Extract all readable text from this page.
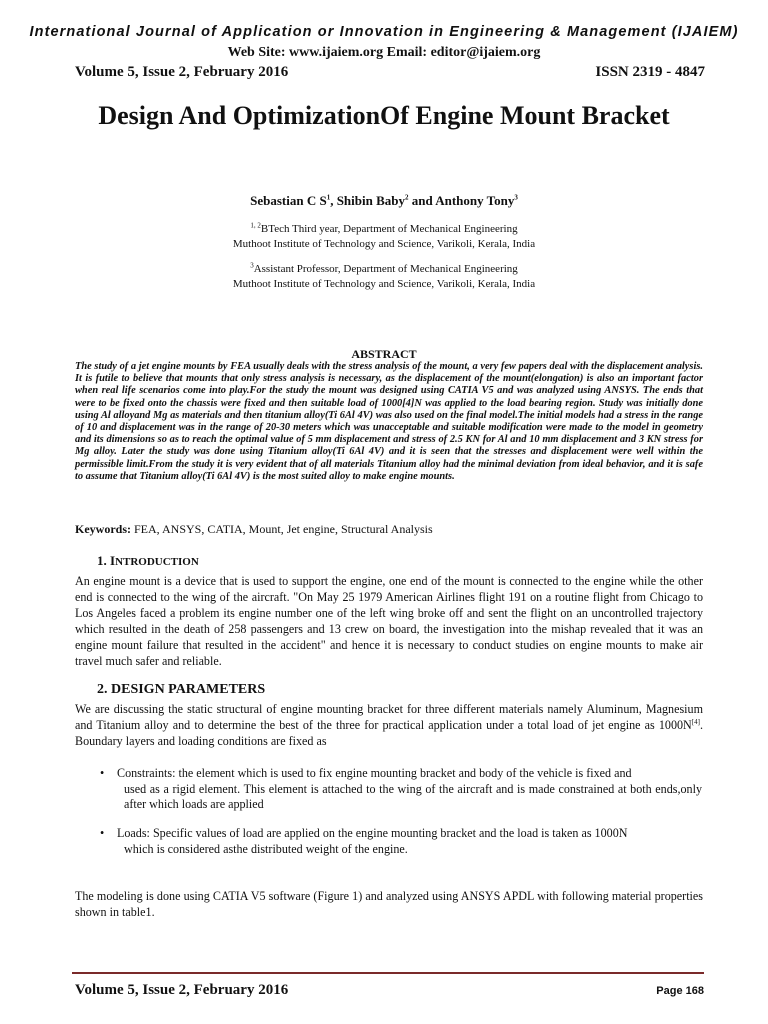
International Journal of Application or Innovation in Engineering & Management (IJAIEM)
Web Site: www.ijaiem.org Email: editor@ijaiem.org
Volume 5, Issue 2, February 2016	ISSN 2319 - 4847
Design And OptimizationOf Engine Mount Bracket
Sebastian C $S^1$, Shibin Baby$^2$ and Anthony Tony$^3$
$^{1, 2}$BTech Third year, Department of Mechanical Engineering
Muthoot Institute of Technology and Science, Varikoli, Kerala, India
$^3$Assistant Professor, Department of Mechanical Engineering
Muthoot Institute of Technology and Science, Varikoli, Kerala, India
ABSTRACT
The study of a jet engine mounts by FEA usually deals with the stress analysis of the mount, a very few papers deal with the displacement analysis. It is futile to believe that mounts that only stress analysis is necessary, as the displacement of the mount(elongation) is also an important factor when real life scenarios come into play.For the study the mount was designed using CATIA V5 and was analyzed using ANSYS. The ends that were to be fixed onto the chassis were fixed and then suitable load of 1000[4]N was applied to the load bearing region. Study was initially done using Al alloyand Mg as materials and then titanium alloy(Ti 6Al 4V) was also used on the final model.The initial models had a stress in the range of 10 and displacement was in the range of 20-30 meters which was unacceptable and suitable modification were made to the model in geometry and its dimensions so as to reach the optimal value of 5 mm displacement and stress of 2.5 KN for Al and 10 mm displacement and 3 KN stress for Mg alloy. Later the study was done using Titanium alloy(Ti 6Al 4V) and it is seen that the stresses and displacement were well within the permissible limit.From the study it is very evident that of all materials Titanium alloy had the minimal deviation from ideal behavior, and it is safe to assume that Titanium alloy(Ti 6Al 4V) is the most suited alloy to make engine mounts.
Keywords: FEA, ANSYS, CATIA, Mount, Jet engine, Structural Analysis
1. INTRODUCTION
An engine mount is a device that is used to support the engine, one end of the mount is connected to the engine while the other end is connected to the wing of the aircraft. "On May 25 1979 American Airlines flight 191 on a routine flight from Chicago to Los Angeles faced a problem its engine number one of the left wing broke off and sent the flight on an uncontrolled trajectory which resulted in the death of 258 passengers and 13 crew on board, the investigation into the mishap revealed that it was an engine mount failure that resulted in the accident" and hence it is necessary to conduct studies on engine mounts to make air travel much safer and reliable.
2. DESIGN PARAMETERS
We are discussing the static structural of engine mounting bracket for three different materials namely Aluminum, Magnesium and Titanium alloy and to determine the best of the three for practical application under a total load of jet engine as 1000N[4]. Boundary layers and loading conditions are fixed as
•	Constraints: the element which is used to fix engine mounting bracket and body of the vehicle is fixed and
used as a rigid element. This element is attached to the wing of the aircraft and is made constrained at both ends,only after which loads are applied
•	Loads: Specific values of load are applied on the engine mounting bracket and the load is taken as 1000N
which is considered asthe distributed weight of the engine.
The modeling is done using CATIA V5 software (Figure 1) and analyzed using ANSYS APDL with following material properties shown in table1.
Volume 5, Issue 2, February 2016	Page 168
